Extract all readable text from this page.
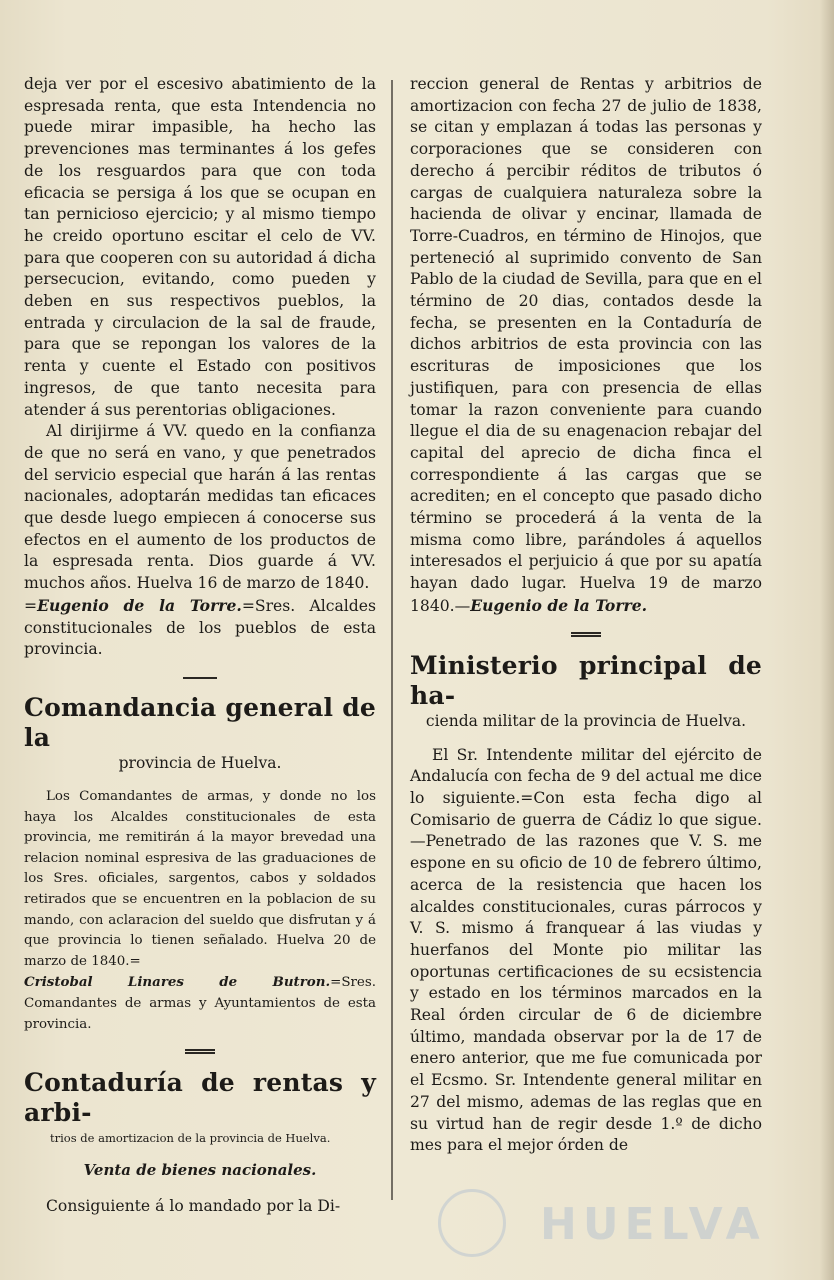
deja ver por el escesivo abatimiento de la espresada renta, que esta Intendencia no puede mirar impasible, ha hecho las prevenciones mas terminantes á los gefes de los resguardos para que con toda eficacia se persiga á los que se ocupan en tan pernicioso ejercicio; y al mismo tiempo he creido oportuno escitar el celo de VV. para que cooperen con su autoridad á dicha persecucion, evitando, como pueden y deben en sus respectivos pueblos, la entrada y circulacion de la sal de fraude, para que se repongan los valores de la renta y cuente el Estado con positivos ingresos, de que tanto necesita para atender á sus perentorias obligaciones.

Al dirijirme á VV. quedo en la confianza de que no será en vano, y que penetrados del servicio especial que harán á las rentas nacionales, adoptarán medidas tan eficaces que desde luego empiecen á conocerse sus efectos en el aumento de los productos de la espresada renta. Dios guarde á VV. muchos años. Huelva 16 de marzo de 1840.
=Eugenio de la Torre.=Sres. Alcaldes constitucionales de los pueblos de esta provincia.

Comandancia general de la

provincia de Huelva.

Los Comandantes de armas, y donde no los haya los Alcaldes constitucionales de esta provincia, me remitirán á la mayor brevedad una relacion nominal espresiva de las graduaciones de los Sres. oficiales, sargentos, cabos y soldados retirados que se encuentren en la poblacion de su mando, con aclaracion del sueldo que disfrutan y á que provincia lo tienen señalado. Huelva 20 de marzo de 1840.=
Cristobal Linares de Butron.=Sres. Comandantes de armas y Ayuntamientos de esta provincia.

Contaduría de rentas y arbi-

trios de amortizacion de la provincia de Huelva.

Venta de bienes nacionales.

Consiguiente á lo mandado por la Di-

reccion general de Rentas y arbitrios de amortizacion con fecha 27 de julio de 1838, se citan y emplazan á todas las personas y corporaciones que se consideren con derecho á percibir réditos de tributos ó cargas de cualquiera naturaleza sobre la hacienda de olivar y encinar, llamada de Torre-Cuadros, en término de Hinojos, que perteneció al suprimido convento de San Pablo de la ciudad de Sevilla, para que en el término de 20 dias, contados desde la fecha, se presenten en la Contaduría de dichos arbitrios de esta provincia con las escrituras de imposiciones que los justifiquen, para con presencia de ellas tomar la razon conveniente para cuando llegue el dia de su enagenacion rebajar del capital del aprecio de dicha finca el correspondiente á las cargas que se acrediten; en el concepto que pasado dicho término se procederá á la venta de la misma como libre, parándoles á aquellos interesados el perjuicio á que por su apatía hayan dado lugar. Huelva 19 de marzo 1840.—Eugenio de la Torre.

Ministerio principal de ha-

cienda militar de la provincia de Huelva.

El Sr. Intendente militar del ejército de Andalucía con fecha de 9 del actual me dice lo siguiente.=Con esta fecha digo al Comisario de guerra de Cádiz lo que sigue.—Penetrado de las razones que V. S. me espone en su oficio de 10 de febrero último, acerca de la resistencia que hacen los alcaldes constitucionales, curas párrocos y V. S. mismo á franquear á las viudas y huerfanos del Monte pio militar las oportunas certificaciones de su ecsistencia y estado en los términos marcados en la Real órden circular de 6 de diciembre último, mandada observar por la de 17 de enero anterior, que me fue comunicada por el Ecsmo. Sr. Intendente general militar en 27 del mismo, ademas de las reglas que en su virtud han de regir desde 1.º de dicho mes para el mejor órden de

HUELVA
